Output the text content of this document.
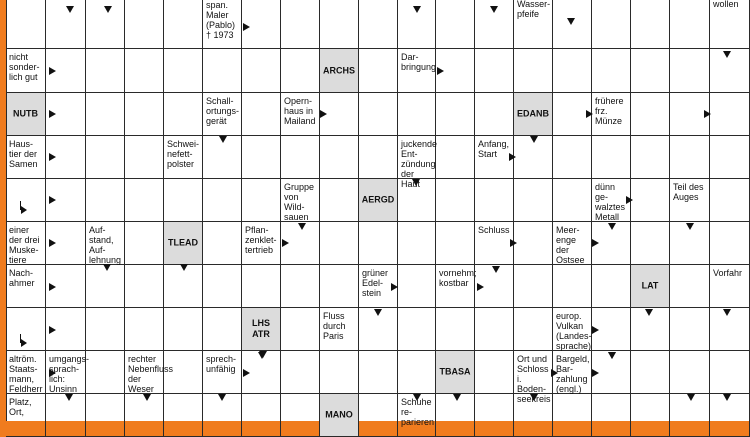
span.
Maler
(Pablo)
† 1973

Wasser-
pfeife

wollen
nicht
sonder-
lich gut
ARCHS
Dar-
bringung
NUTB
Schall-
ortungs-
gerät
Opern-
haus in
Mailand
EDANB
frühere
frz.
Münze
Haus-
tier der
Samen
Schwei-
nefett-
polster
juckende
Ent-
zündung
der Haut
Anfang,
Start
Gruppe
von
Wild-
sauen
AERGD
dünn ge-
walztes
Metall
Teil des
Auges
einer
der drei
Muske-
tiere
Auf-
stand,
Auf-
lehnung
TLEAD
Pflan-
zenklet-
tertrieb
Schluss	Meer-
enge
der
Ostsee
Nach-
ahmer
grüner
Edel-
stein
vornehm;
kostbar	LAT
Vorfahr
LHS
ATR
Fluss
durch
Paris
europ.
Vulkan
(Landes-
sprache)
altröm.
Staats-
mann,
Feldherr
umgangs-
sprach-
lich:
Unsinn
rechter
Nebenfluss
der Weser
sprech-
unfähig	TBASA
Ort und
Schloss
i. Boden-
seekreis
Bargeld,
Bar-
zahlung
(engl.)
Platz,
Ort,	MANO
Schuhe re-
parieren
